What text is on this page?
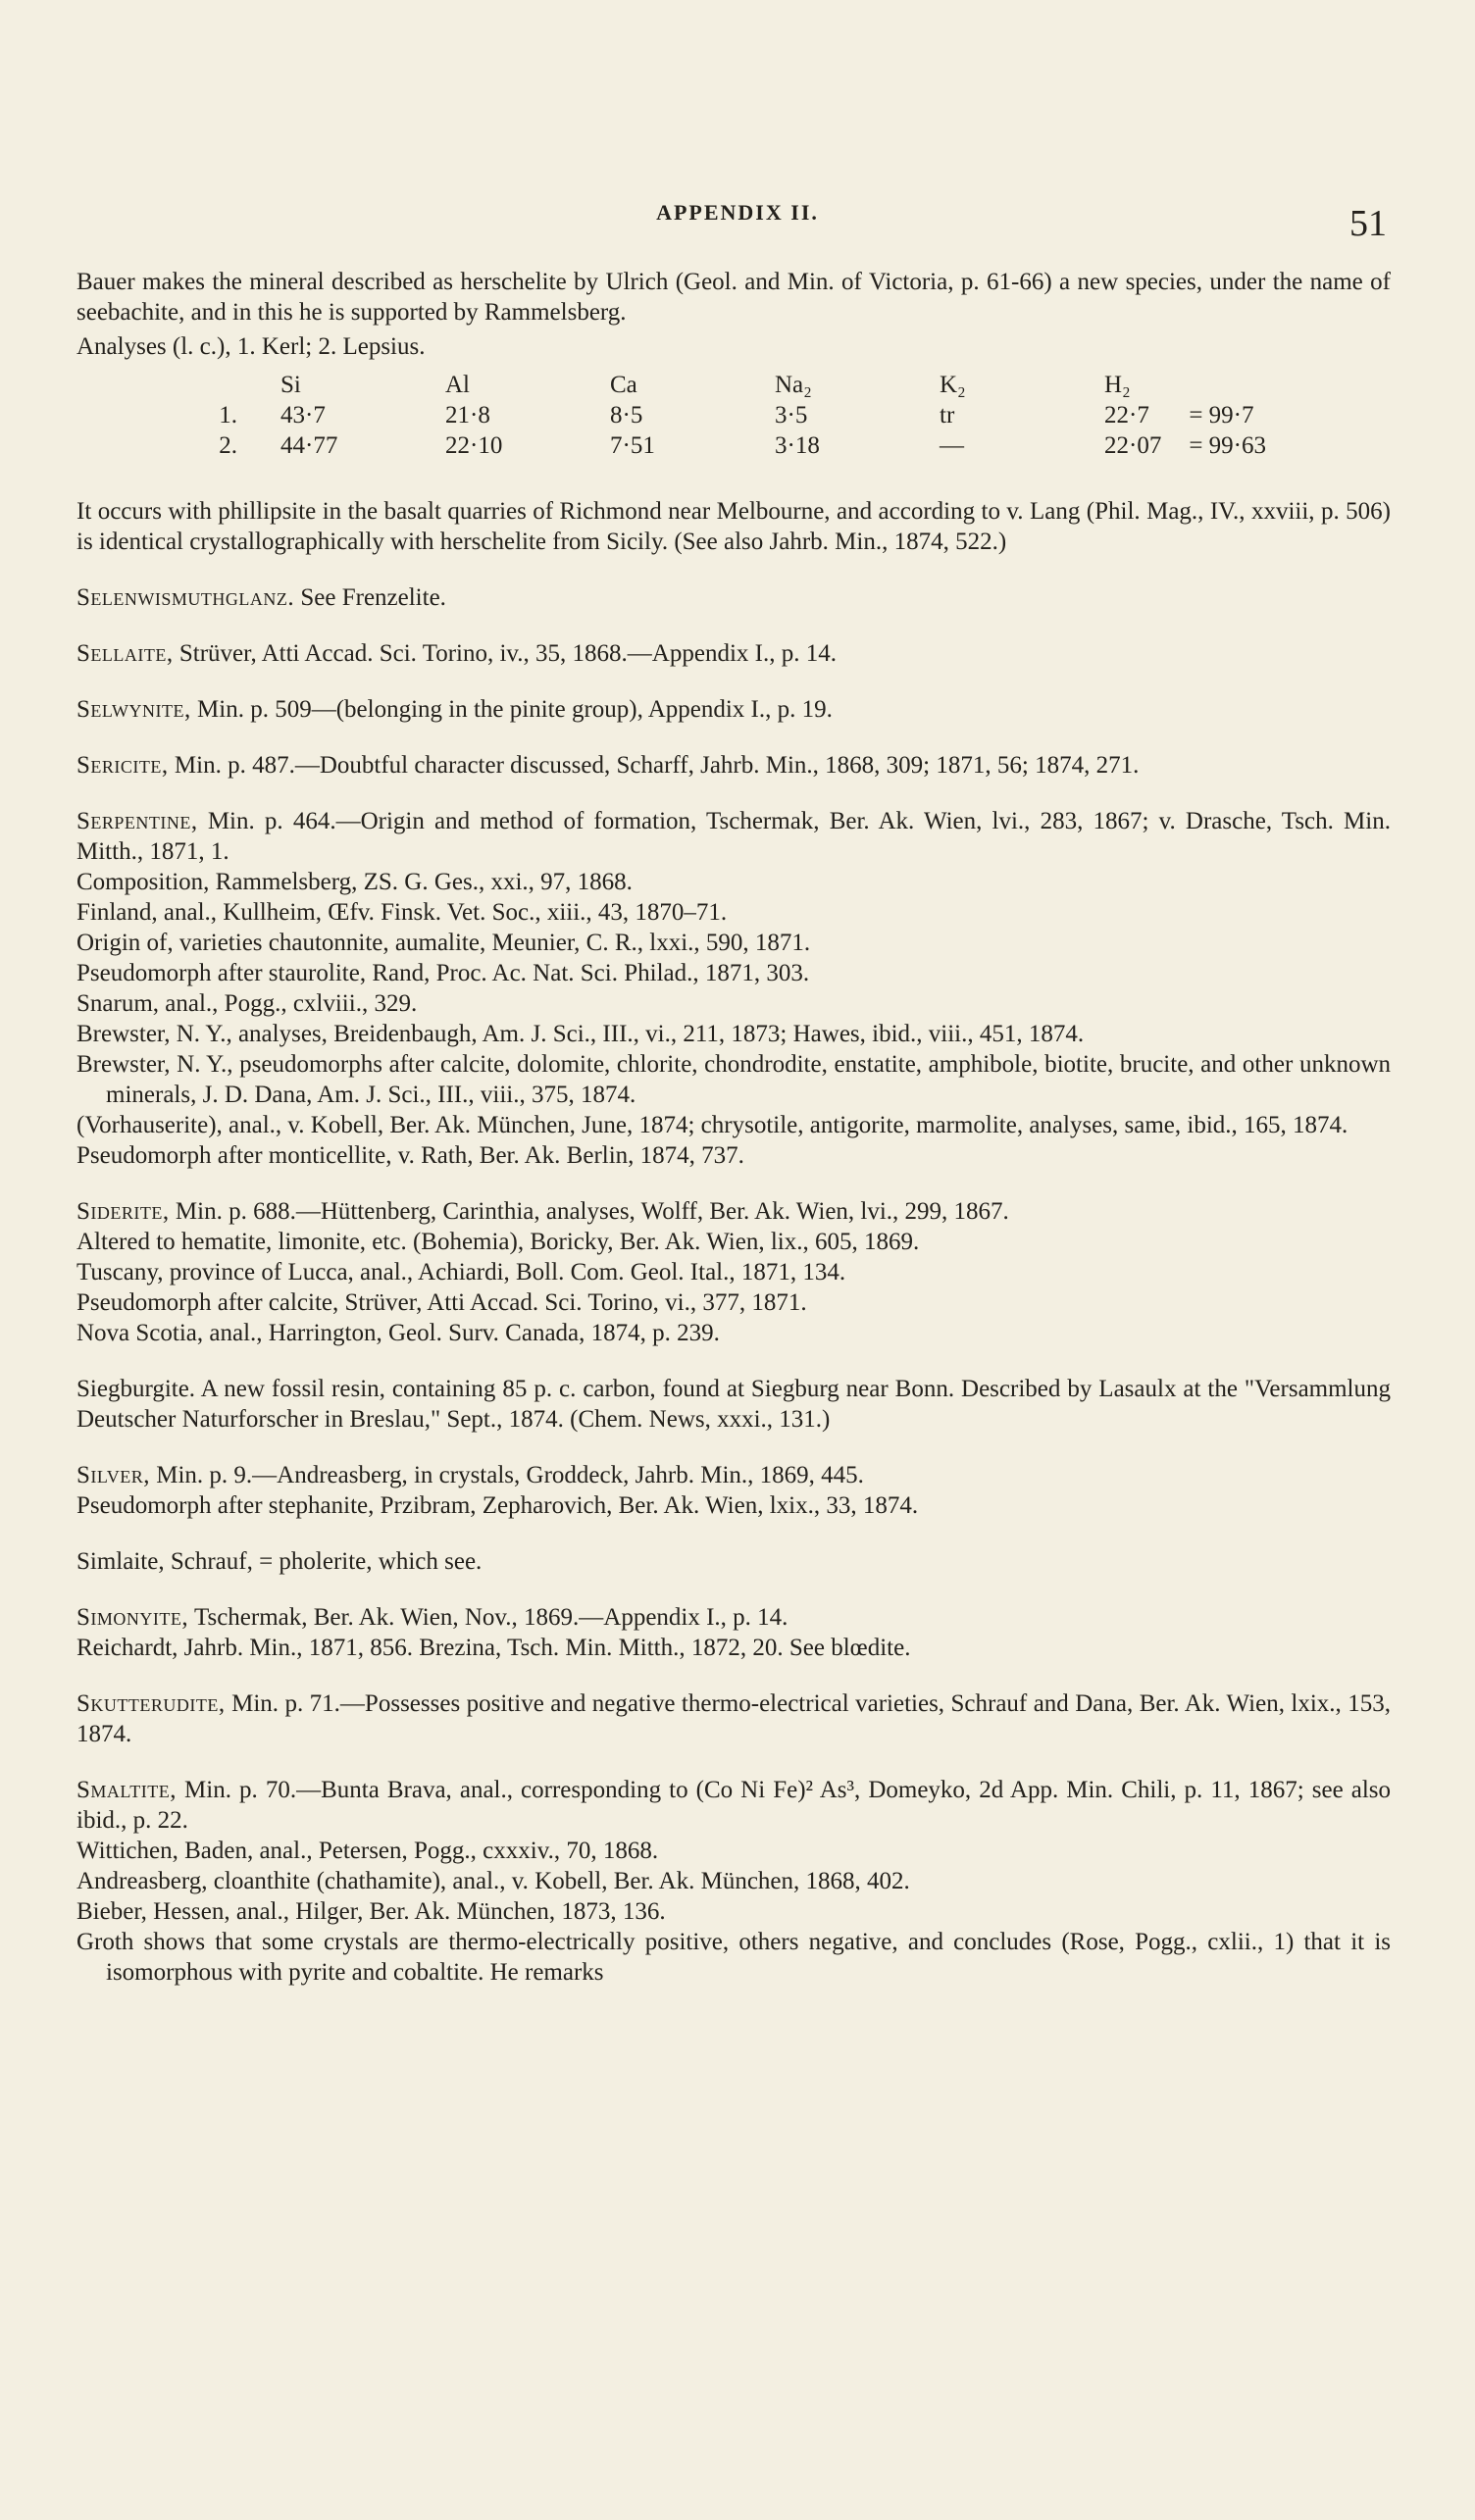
APPENDIX II.	51

Bauer makes the mineral described as herschelite by Ulrich (Geol. and Min. of Victoria, p. 61-66) a new species, under the name of seebachite, and in this he is supported by Rammelsberg.

Analyses (l. c.), 1. Kerl; 2. Lepsius.

	Si	Al	Ca	Na₂	K₂	H₂	
1.	43·7	21·8	8·5	3·5	tr	22·7	= 99·7
2.	44·77	22·10	7·51	3·18	—	22·07	= 99·63

It occurs with phillipsite in the basalt quarries of Richmond near Melbourne, and according to v. Lang (Phil. Mag., IV., xxviii, p. 506) is identical crystallographically with herschelite from Sicily. (See also Jahrb. Min., 1874, 522.)

Selenwismuthglanz. See Frenzelite.

Sellaite, Strüver, Atti Accad. Sci. Torino, iv., 35, 1868.—Appendix I., p. 14.

Selwynite, Min. p. 509—(belonging in the pinite group), Appendix I., p. 19.

Sericite, Min. p. 487.—Doubtful character discussed, Scharff, Jahrb. Min., 1868, 309; 1871, 56; 1874, 271.

Serpentine, Min. p. 464.—Origin and method of formation, Tschermak, Ber. Ak. Wien, lvi., 283, 1867; v. Drasche, Tsch. Min. Mitth., 1871, 1.

Composition, Rammelsberg, ZS. G. Ges., xxi., 97, 1868.

Finland, anal., Kullheim, Œfv. Finsk. Vet. Soc., xiii., 43, 1870–71.

Origin of, varieties chautonnite, aumalite, Meunier, C. R., lxxi., 590, 1871.

Pseudomorph after staurolite, Rand, Proc. Ac. Nat. Sci. Philad., 1871, 303.

Snarum, anal., Pogg., cxlviii., 329.

Brewster, N. Y., analyses, Breidenbaugh, Am. J. Sci., III., vi., 211, 1873; Hawes, ibid., viii., 451, 1874.

Brewster, N. Y., pseudomorphs after calcite, dolomite, chlorite, chondrodite, enstatite, amphibole, biotite, brucite, and other unknown minerals, J. D. Dana, Am. J. Sci., III., viii., 375, 1874.

(Vorhauserite), anal., v. Kobell, Ber. Ak. München, June, 1874; chrysotile, antigorite, marmolite, analyses, same, ibid., 165, 1874.

Pseudomorph after monticellite, v. Rath, Ber. Ak. Berlin, 1874, 737.

Siderite, Min. p. 688.—Hüttenberg, Carinthia, analyses, Wolff, Ber. Ak. Wien, lvi., 299, 1867.

Altered to hematite, limonite, etc. (Bohemia), Boricky, Ber. Ak. Wien, lix., 605, 1869.

Tuscany, province of Lucca, anal., Achiardi, Boll. Com. Geol. Ital., 1871, 134.

Pseudomorph after calcite, Strüver, Atti Accad. Sci. Torino, vi., 377, 1871.

Nova Scotia, anal., Harrington, Geol. Surv. Canada, 1874, p. 239.

Siegburgite. A new fossil resin, containing 85 p. c. carbon, found at Siegburg near Bonn. Described by Lasaulx at the "Versammlung Deutscher Naturforscher in Breslau," Sept., 1874. (Chem. News, xxxi., 131.)

Silver, Min. p. 9.—Andreasberg, in crystals, Groddeck, Jahrb. Min., 1869, 445.

Pseudomorph after stephanite, Przibram, Zepharovich, Ber. Ak. Wien, lxix., 33, 1874.

Simlaite, Schrauf, = pholerite, which see.

Simonyite, Tschermak, Ber. Ak. Wien, Nov., 1869.—Appendix I., p. 14.

Reichardt, Jahrb. Min., 1871, 856. Brezina, Tsch. Min. Mitth., 1872, 20. See blœdite.

Skutterudite, Min. p. 71.—Possesses positive and negative thermo-electrical varieties, Schrauf and Dana, Ber. Ak. Wien, lxix., 153, 1874.

Smaltite, Min. p. 70.—Bunta Brava, anal., corresponding to (Co Ni Fe)² As³, Domeyko, 2d App. Min. Chili, p. 11, 1867; see also ibid., p. 22.

Wittichen, Baden, anal., Petersen, Pogg., cxxxiv., 70, 1868.

Andreasberg, cloanthite (chathamite), anal., v. Kobell, Ber. Ak. München, 1868, 402.

Bieber, Hessen, anal., Hilger, Ber. Ak. München, 1873, 136.

Groth shows that some crystals are thermo-electrically positive, others negative, and concludes (Rose, Pogg., cxlii., 1) that it is isomorphous with pyrite and cobaltite. He remarks
